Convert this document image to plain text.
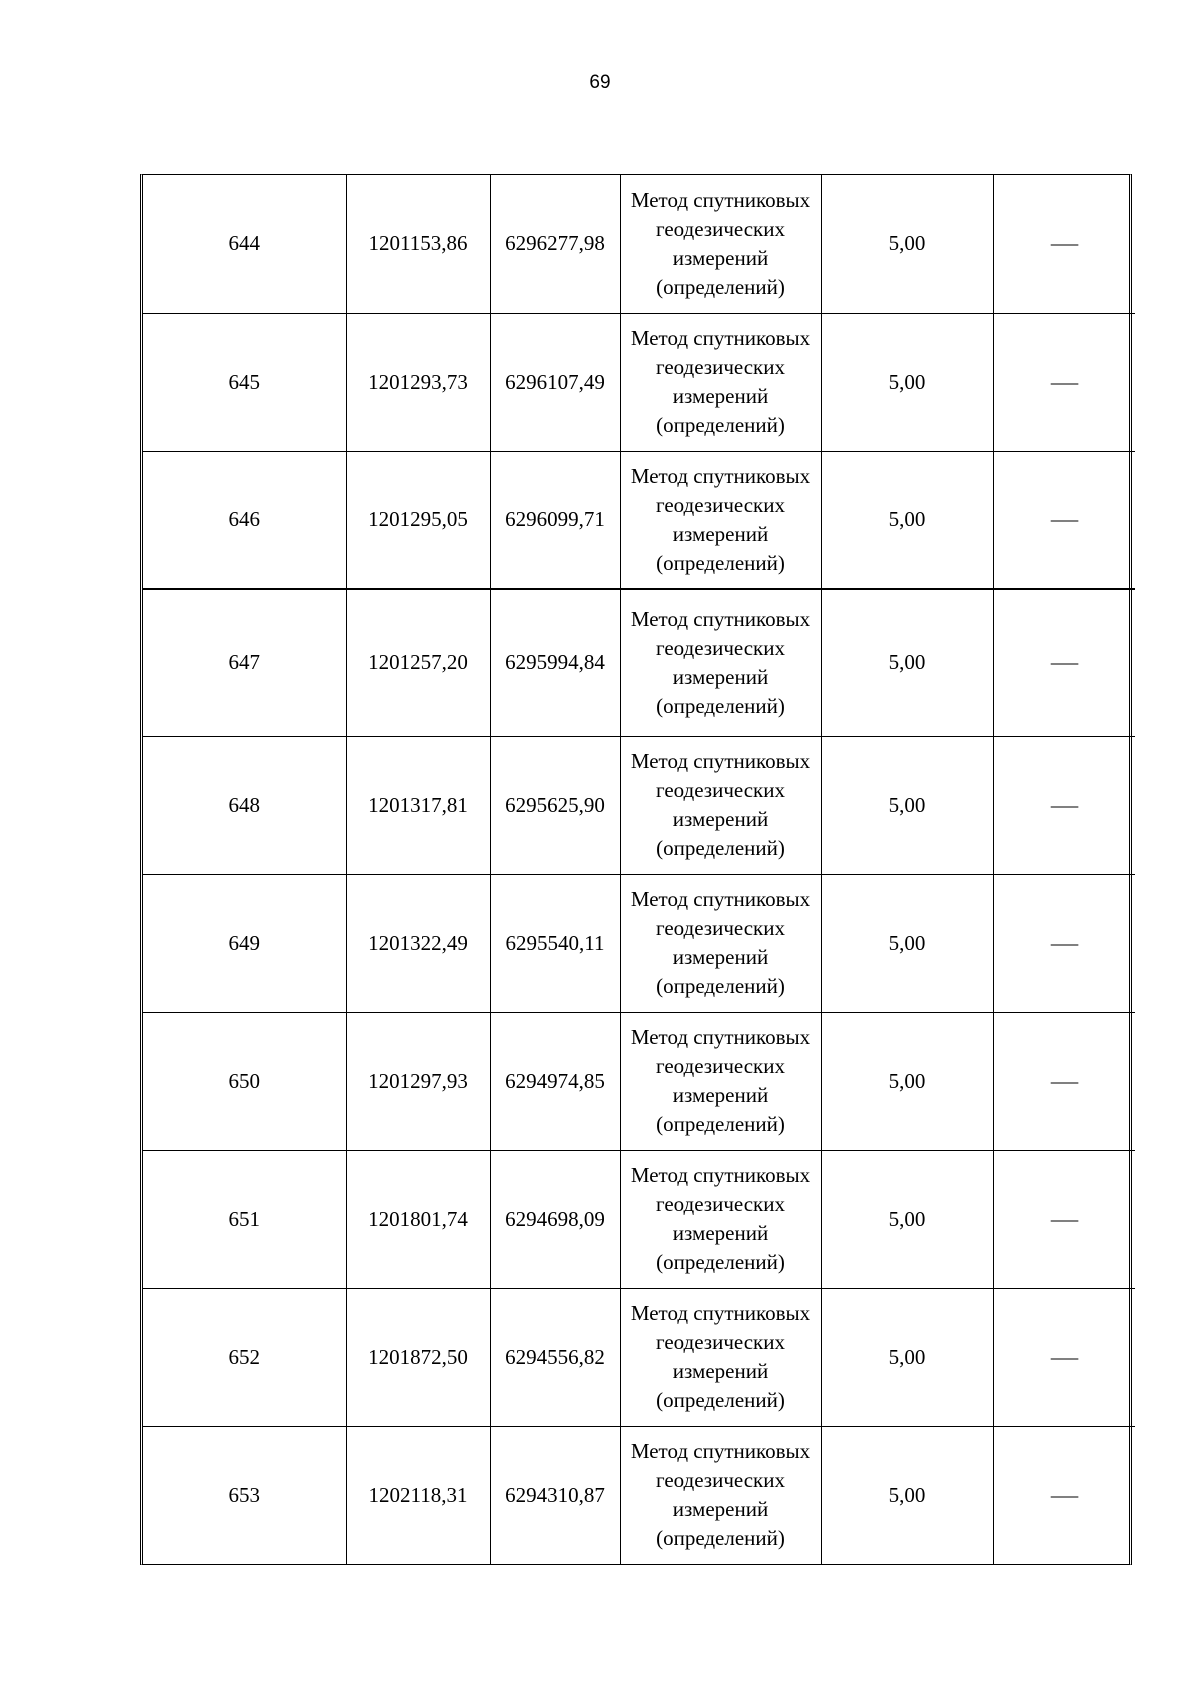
69
644	1201153,86	6296277,98	Метод спутниковых
геодезических
измерений
(определений)	5,00	—
645	1201293,73	6296107,49	Метод спутниковых
геодезических
измерений
(определений)	5,00	—
646	1201295,05	6296099,71	Метод спутниковых
геодезических
измерений
(определений)	5,00	—
647	1201257,20	6295994,84	Метод спутниковых
геодезических
измерений
(определений)	5,00	—
648	1201317,81	6295625,90	Метод спутниковых
геодезических
измерений
(определений)	5,00	—
649	1201322,49	6295540,11	Метод спутниковых
геодезических
измерений
(определений)	5,00	—
650	1201297,93	6294974,85	Метод спутниковых
геодезических
измерений
(определений)	5,00	—
651	1201801,74	6294698,09	Метод спутниковых
геодезических
измерений
(определений)	5,00	—
652	1201872,50	6294556,82	Метод спутниковых
геодезических
измерений
(определений)	5,00	—
653	1202118,31	6294310,87	Метод спутниковых
геодезических
измерений
(определений)	5,00	—
